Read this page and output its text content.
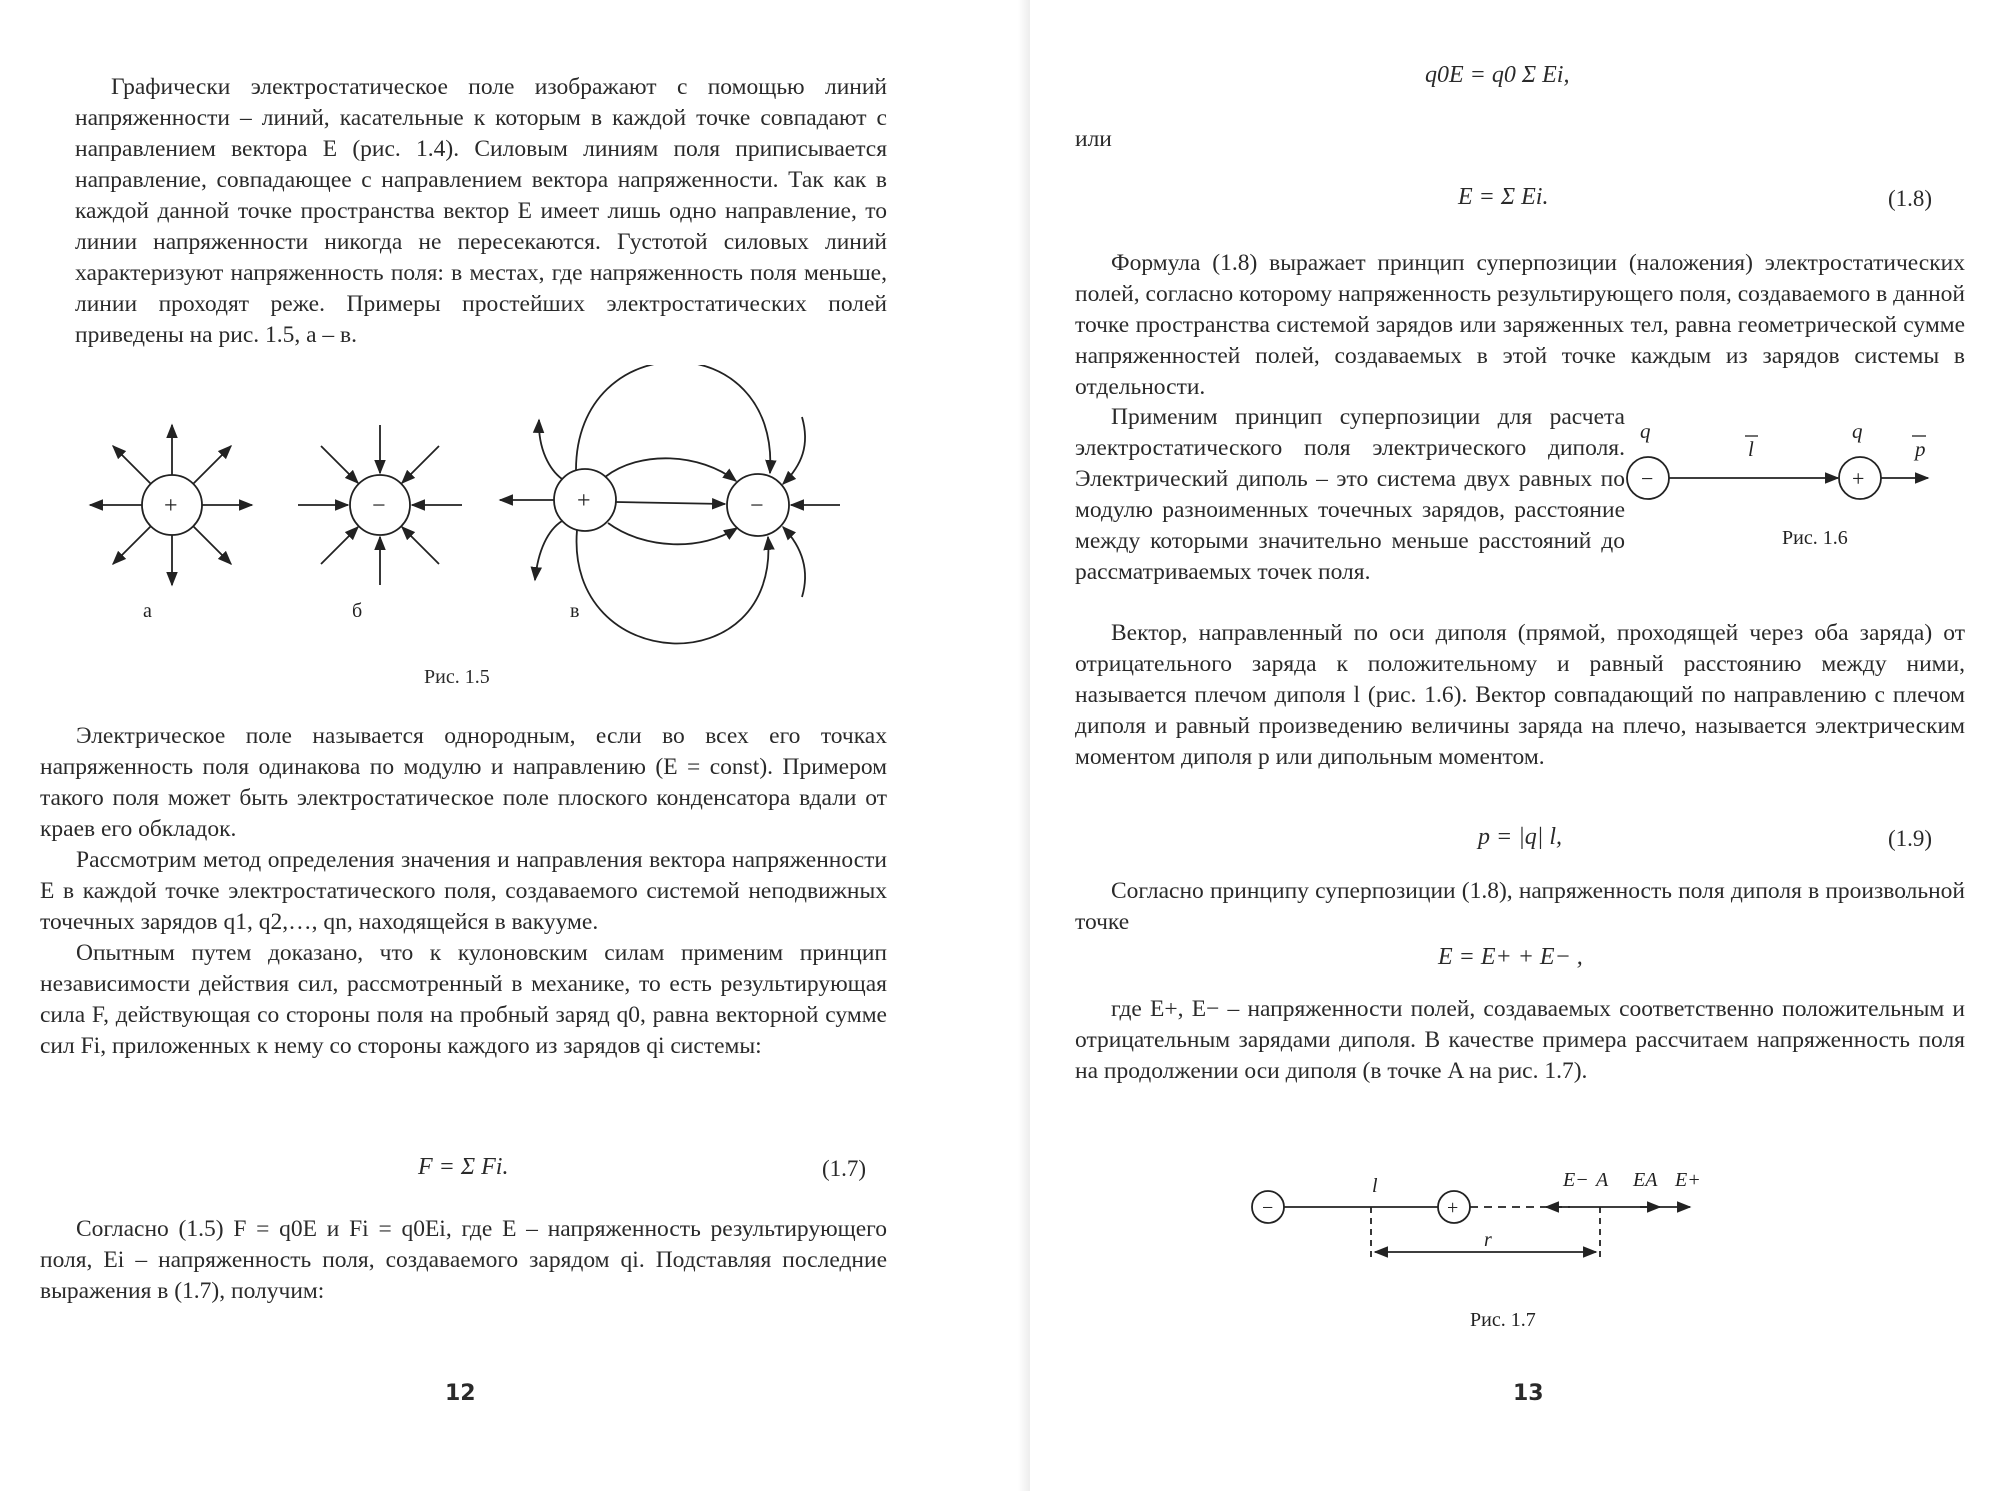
Графически электростатическое поле изображают с помощью линий напряженности – линий, касательные к которым в каждой точке совпадают с направлением вектора E (рис. 1.4). Силовым линиям поля приписывается направление, совпадающее с направлением вектора напряженности. Так как в каждой данной точке пространства вектор E имеет лишь одно направление, то линии напряженности никогда не пересекаются. Густотой силовых линий характеризуют напряженность поля: в местах, где напряженность поля меньше, линии проходят реже. Примеры простейших электростатических полей приведены на рис. 1.5, а – в.

+	−	+	−
а	б	в
Рис. 1.5

Электрическое поле называется однородным, если во всех его точках напряженность поля одинакова по модулю и направлению (E = const). Примером такого поля может быть электростатическое поле плоского конденсатора вдали от краев его обкладок.

Рассмотрим метод определения значения и направления вектора напряженности E в каждой точке электростатического поля, создаваемого системой неподвижных точечных зарядов q1, q2,…, qn, находящейся в вакууме.

Опытным путем доказано, что к кулоновским силам применим принцип независимости действия сил, рассмотренный в механике, то есть результирующая сила F, действующая со стороны поля на пробный заряд q0, равна векторной сумме сил Fi, приложенных к нему со стороны каждого из зарядов qi системы:

F = Σ Fi.	(1.7)

Согласно (1.5) F = q0E и Fi = q0Ei, где E – напряженность результирующего поля, Ei – напряженность поля, создаваемого зарядом qi. Подставляя последние выражения в (1.7), получим:

12
q0E = q0 Σ Ei,

или

E = Σ Ei.	(1.8)

Формула (1.8) выражает принцип суперпозиции (наложения) электростатических полей, согласно которому напряженность результирующего поля, создаваемого в данной точке пространства системой зарядов или заряженных тел, равна геометрической сумме напряженностей полей, создаваемых в этой точке каждым из зарядов системы в отдельности.

Применим принцип суперпозиции для расчета электростатического поля электрического диполя. Электрический диполь – это система двух равных по модулю разноименных точечных зарядов, расстояние между которыми значительно меньше расстояний до рассматриваемых точек поля.

−	+
q	q
l	p
Рис. 1.6

Вектор, направленный по оси диполя (прямой, проходящей через оба заряда) от отрицательного заряда к положительному и равный расстоянию между ними, называется плечом диполя l (рис. 1.6). Вектор совпадающий по направлению с плечом диполя и равный произведению величины заряда на плечо, называется электрическим моментом диполя p или дипольным моментом.

p = |q| l,	(1.9)

Согласно принципу суперпозиции (1.8), напряженность поля диполя в произвольной точке

E = E+ + E− ,

где E+, E− – напряженности полей, создаваемых соответственно положительным и отрицательным зарядами диполя. В качестве примера рассчитаем напряженность поля на продолжении оси диполя (в точке A на рис. 1.7).

−	+
l
r
E− A EA E+
Рис. 1.7
13
